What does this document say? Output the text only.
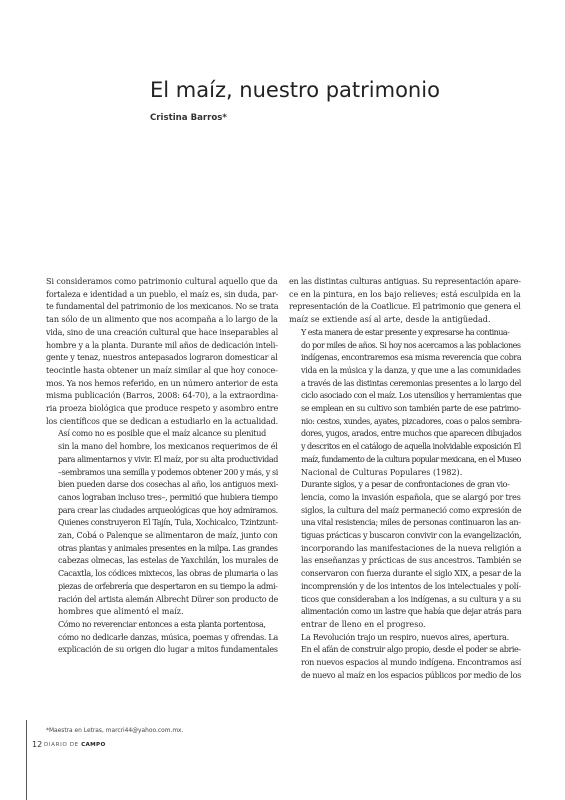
El maíz, nuestro patrimonio
Cristina Barros*

Si consideramos como patrimonio cultural aquello que da
fortaleza e identidad a un pueblo, el maíz es, sin duda, par-
te fundamental del patrimonio de los mexicanos. No se trata
tan sólo de un alimento que nos acompaña a lo largo de la
vida, sino de una creación cultural que hace inseparables al
hombre y a la planta. Durante mil años de dedicación inteli-
gente y tenaz, nuestros antepasados lograron domesticar al
teocintle hasta obtener un maíz similar al que hoy conoce-
mos. Ya nos hemos referido, en un número anterior de esta
misma publicación (Barros, 2008: 64-70), a la extraordina-
ria proeza biológica que produce respeto y asombro entre
los científicos que se dedican a estudiarlo en la actualidad.

Así como no es posible que el maíz alcance su plenitud
sin la mano del hombre, los mexicanos requerimos de él
para alimentarnos y vivir. El maíz, por su alta productividad
–sembramos una semilla y podemos obtener 200 y más, y si
bien pueden darse dos cosechas al año, los antiguos mexi-
canos lograban incluso tres–, permitió que hubiera tiempo
para crear las ciudades arqueológicas que hoy admiramos.
Quienes construyeron El Tajín, Tula, Xochicalco, Tzintzunt-
zan, Cobá o Palenque se alimentaron de maíz, junto con
otras plantas y animales presentes en la milpa. Las grandes
cabezas olmecas, las estelas de Yaxchilán, los murales de
Cacaxtla, los códices mixtecos, las obras de plumaria o las
piezas de orfebrería que despertaron en su tiempo la admi-
ración del artista alemán Albrecht Dürer son producto de
hombres que alimentó el maíz.

Cómo no reverenciar entonces a esta planta portentosa,
cómo no dedicarle danzas, música, poemas y ofrendas. La
explicación de su origen dio lugar a mitos fundamentales

en las distintas culturas antiguas. Su representación apare-
ce en la pintura, en los bajo relieves; está esculpida en la
representación de la Coatlicue. El patrimonio que genera el
maíz se extiende así al arte, desde la antigüedad.

Y esta manera de estar presente y expresarse ha continua-
do por miles de años. Si hoy nos acercamos a las poblaciones
indígenas, encontraremos esa misma reverencia que cobra
vida en la música y la danza, y que une a las comunidades
a través de las distintas ceremonias presentes a lo largo del
ciclo asociado con el maíz. Los utensilios y herramientas que
se emplean en su cultivo son también parte de ese patrimo-
nio: cestos, xundes, ayates, pizcadores, coas o palos sembra-
dores, yugos, arados, entre muchos que aparecen dibujados
y descritos en el catálogo de aquella inolvidable exposición El
maíz, fundamento de la cultura popular mexicana, en el Museo
Nacional de Culturas Populares (1982).

Durante siglos, y a pesar de confrontaciones de gran vio-
lencia, como la invasión española, que se alargó por tres
siglos, la cultura del maíz permaneció como expresión de
una vital resistencia; miles de personas continuaron las an-
tiguas prácticas y buscaron convivir con la evangelización,
incorporando las manifestaciones de la nueva religión a
las enseñanzas y prácticas de sus ancestros. También se
conservaron con fuerza durante el siglo XIX, a pesar de la
incomprensión y de los intentos de los intelectuales y polí-
ticos que consideraban a los indígenas, a su cultura y a su
alimentación como un lastre que había que dejar atrás para
entrar de lleno en el progreso.

La Revolución trajo un respiro, nuevos aires, apertura.
En el afán de construir algo propio, desde el poder se abrie-
ron nuevos espacios al mundo indígena. Encontramos así
de nuevo al maíz en los espacios públicos por medio de los

*Maestra en Letras, marcri44@yahoo.com.mx.
12 DIARIO DE CAMPO
